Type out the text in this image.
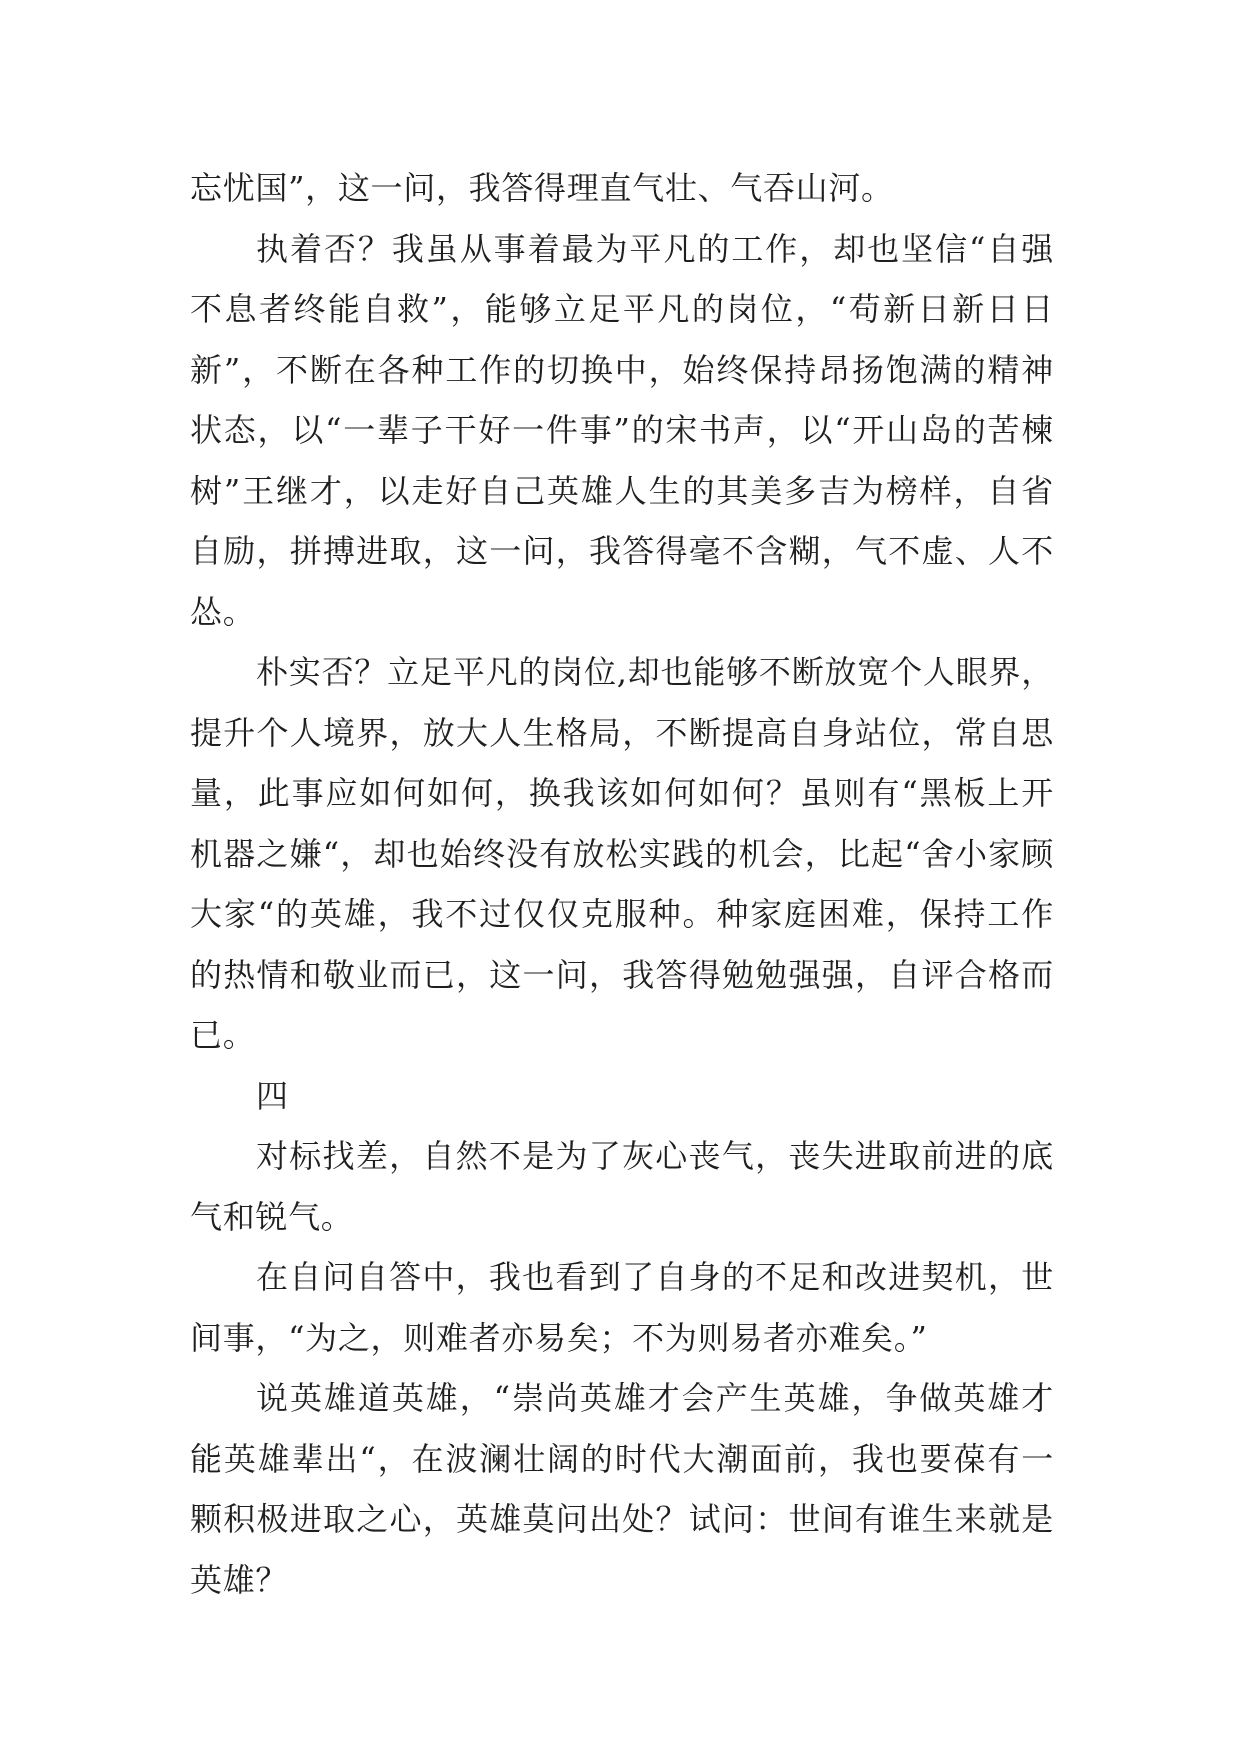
忘忧国”，这一问，我答得理直气壮、气吞山河。

执着否？我虽从事着最为平凡的工作，却也坚信“自强不息者终能自救”，能够立足平凡的岗位，“苟新日新日日新”，不断在各种工作的切换中，始终保持昂扬饱满的精神状态，以“一辈子干好一件事”的宋书声，以“开山岛的苦楝树”王继才，以走好自己英雄人生的其美多吉为榜样，自省自励，拼搏进取，这一问，我答得毫不含糊，气不虚、人不怂。

朴实否？立足平凡的岗位,却也能够不断放宽个人眼界，提升个人境界，放大人生格局，不断提高自身站位，常自思量，此事应如何如何，换我该如何如何？虽则有“黑板上开机器之嫌“，却也始终没有放松实践的机会，比起“舍小家顾大家“的英雄，我不过仅仅克服种。种家庭困难，保持工作的热情和敬业而已，这一问，我答得勉勉强强，自评合格而已。

四

对标找差，自然不是为了灰心丧气，丧失进取前进的底气和锐气。

在自问自答中，我也看到了自身的不足和改进契机，世间事，“为之，则难者亦易矣；不为则易者亦难矣。”

说英雄道英雄，“崇尚英雄才会产生英雄，争做英雄才能英雄辈出“，在波澜壮阔的时代大潮面前，我也要葆有一颗积极进取之心，英雄莫问出处？试问：世间有谁生来就是英雄？
